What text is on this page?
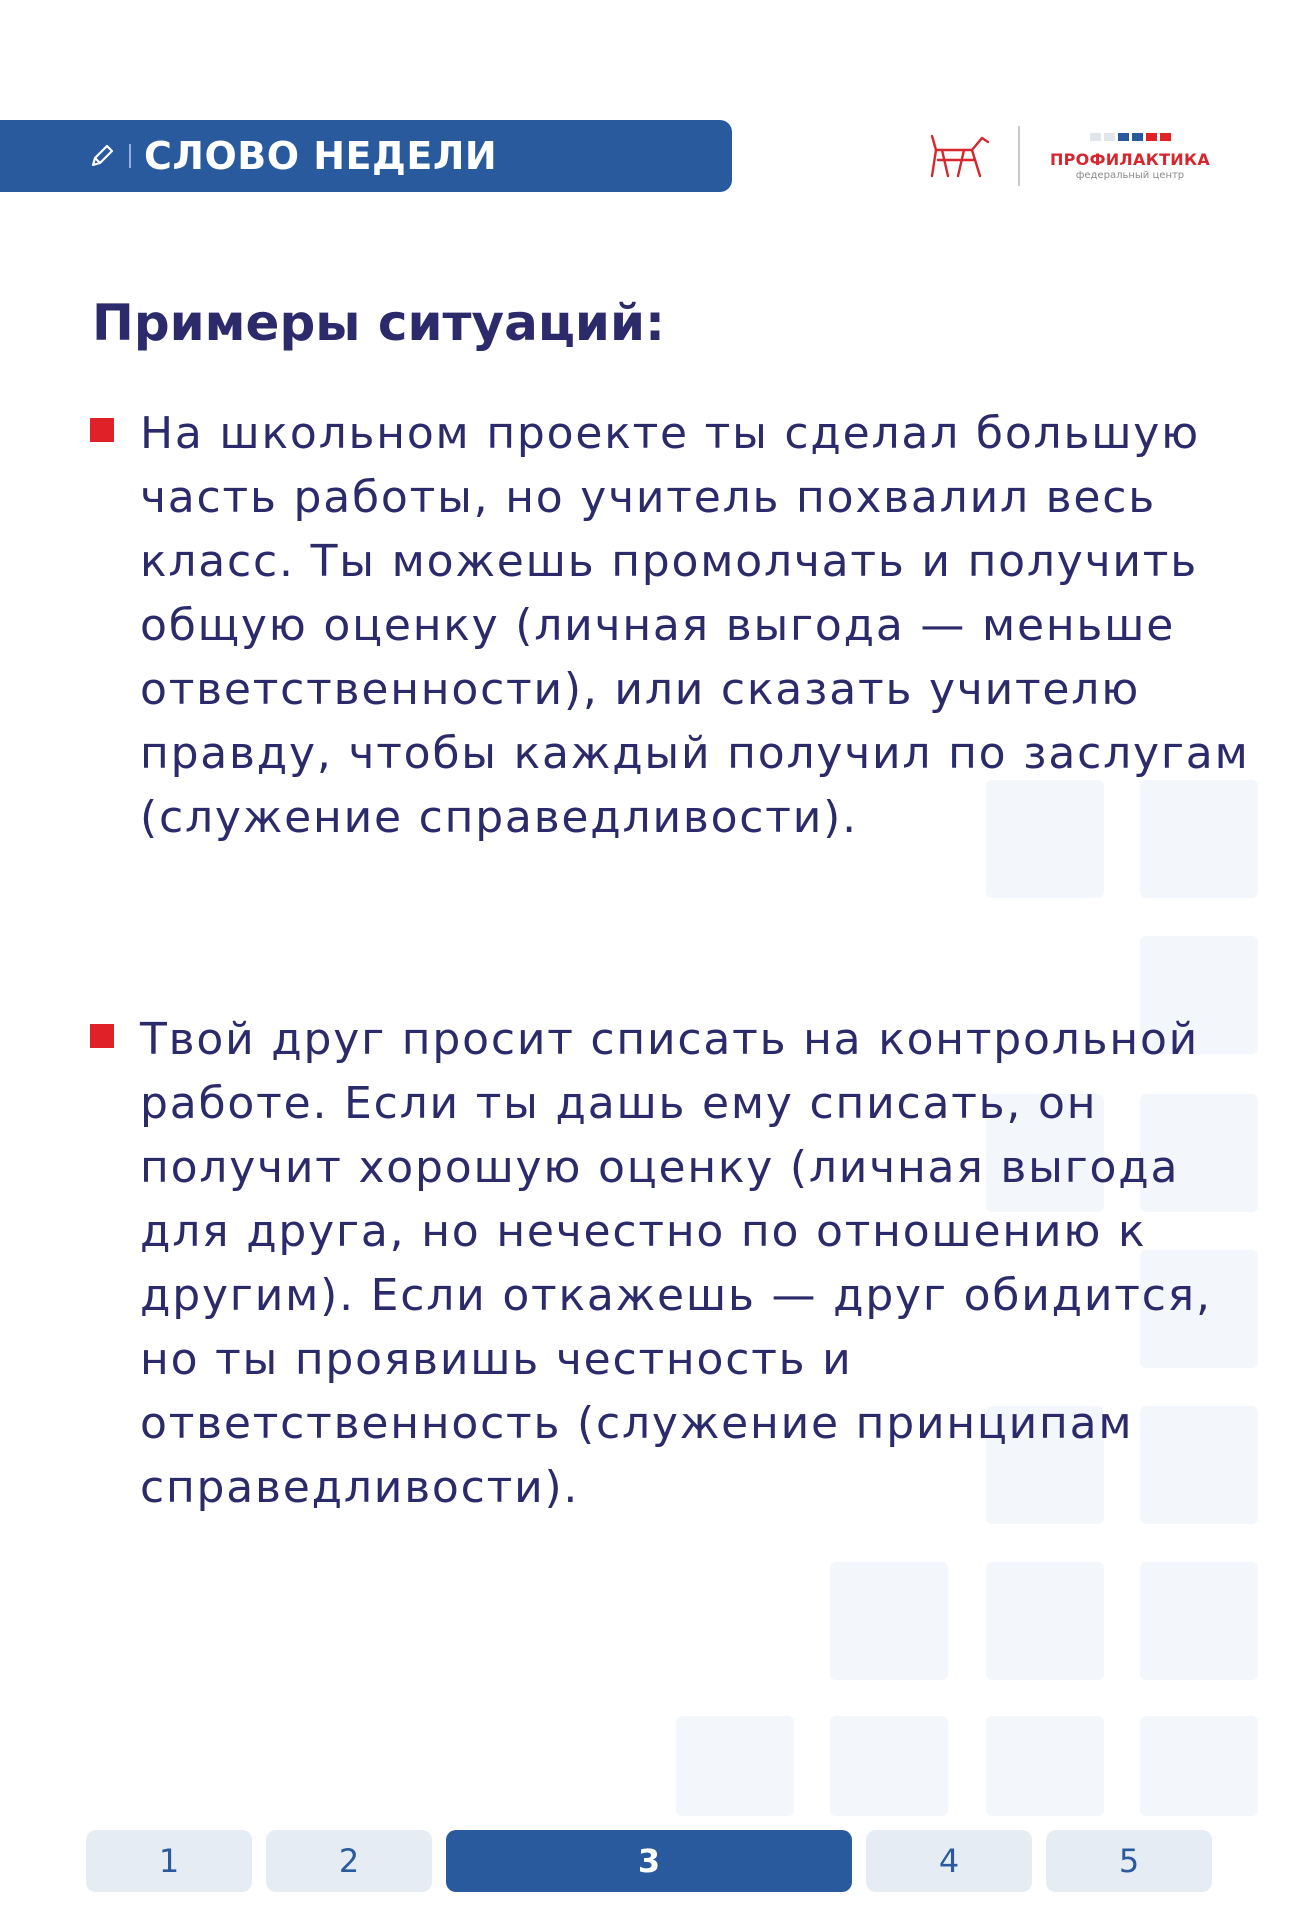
СЛОВО НЕДЕЛИ	ПРОФИЛАКТИКА
федеральный центр
Примеры ситуаций:

На школьном проекте ты сделал большую часть работы, но учитель похвалил весь класс. Ты можешь промолчать и получить общую оценку (личная выгода — меньше ответственности), или сказать учителю правду, чтобы каждый получил по заслугам (служение справедливости).

Твой друг просит списать на контрольной работе. Если ты дашь ему списать, он получит хорошую оценку (личная выгода для друга, но нечестно по отношению к другим). Если откажешь — друг обидится, но ты проявишь честность и ответственность (служение принципам справедливости).

1	2	3	4	5
